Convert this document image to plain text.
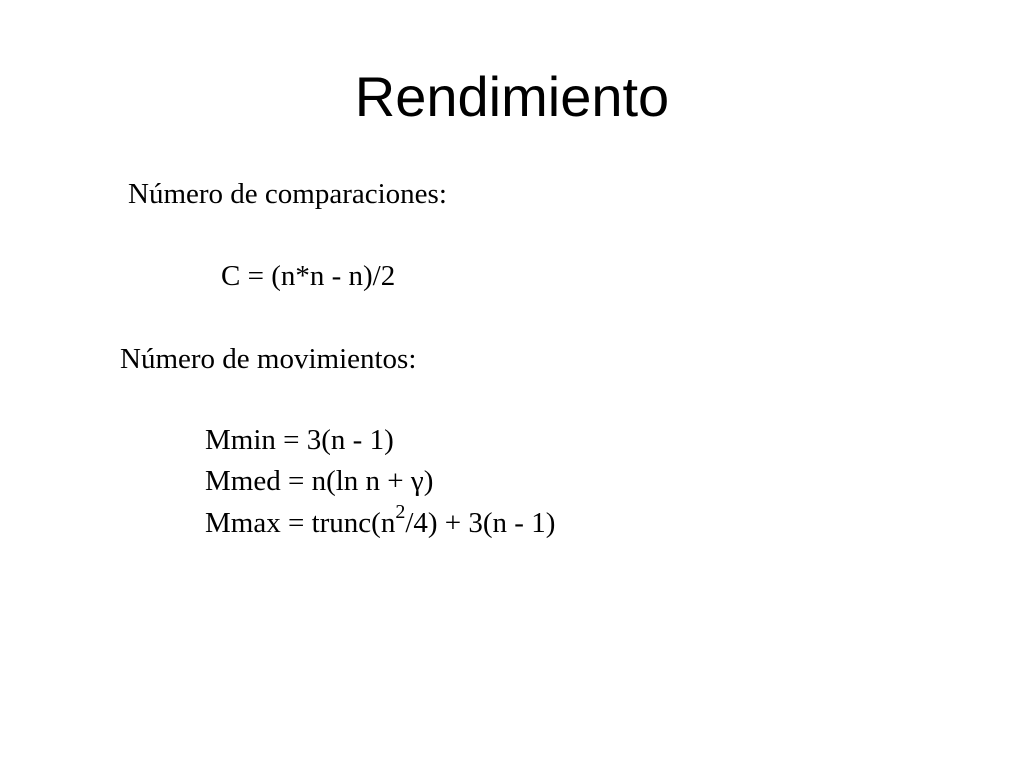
Rendimiento
Número de comparaciones:
C = (n*n - n)/2
Número de movimientos:
Mmin = 3(n - 1)
Mmed = n(ln n + γ)
$Mmax = trunc(n^2/4) + 3(n - 1)$
